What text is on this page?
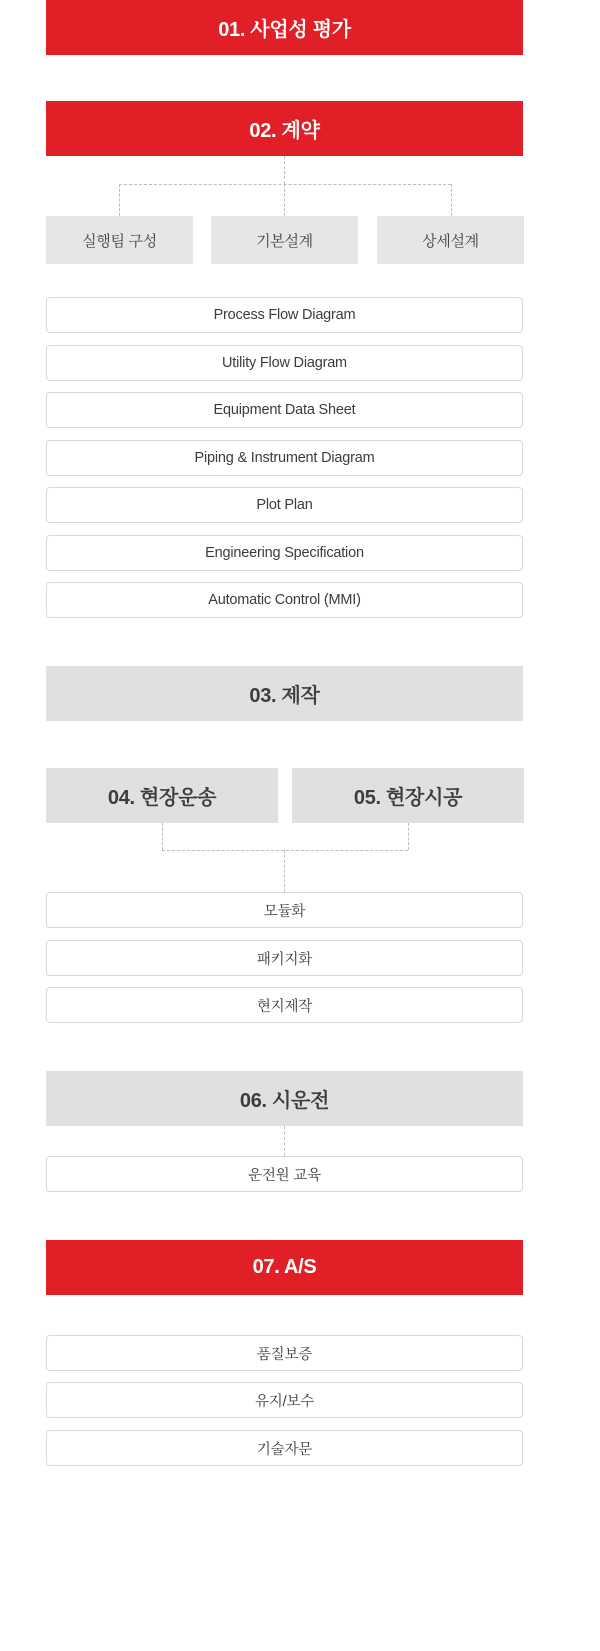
01. 사업성 평가
02. 계약
실행팀 구성	기본설계	상세설계
Process Flow Diagram
Utility Flow Diagram
Equipment Data Sheet
Piping & Instrument Diagram
Plot Plan
Engineering Specification
Automatic Control (MMI)
03. 제작
04. 현장운송	05. 현장시공
모듈화
패키지화
현지제작
06. 시운전
운전원 교육
07. A/S
품질보증
유지/보수
기술자문
